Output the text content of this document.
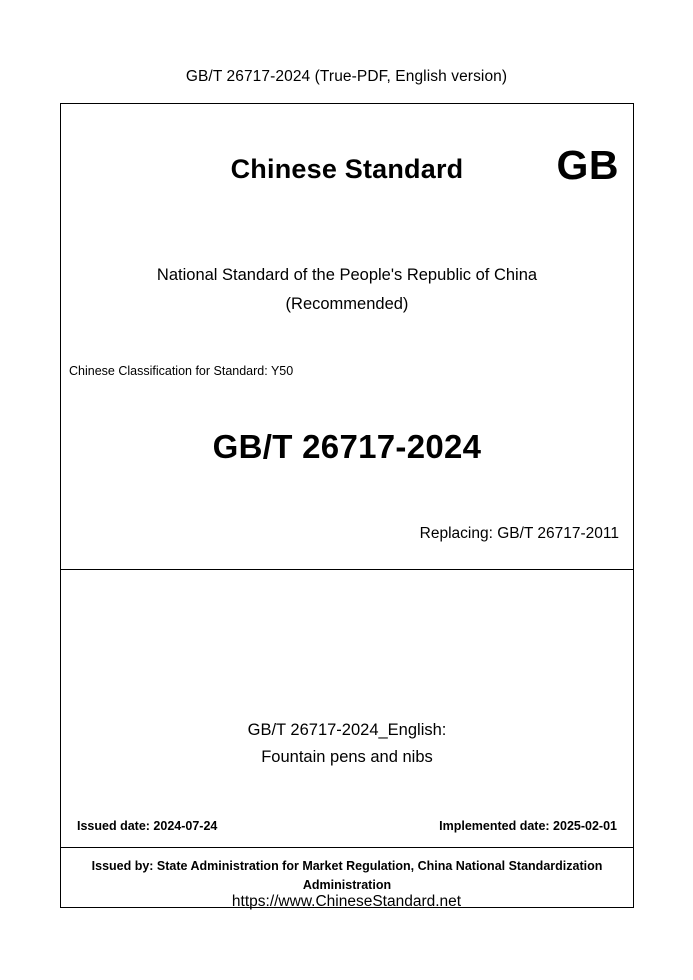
GB/T 26717-2024 (True-PDF, English version)
Chinese Standard	GB
National Standard of the People's Republic of China
(Recommended)
Chinese Classification for Standard: Y50
GB/T 26717-2024
Replacing: GB/T 26717-2011
GB/T 26717-2024_English:
Fountain pens and nibs
Issued date: 2024-07-24	Implemented date: 2025-02-01
Issued by: State Administration for Market Regulation, China National Standardization Administration
https://www.ChineseStandard.net
